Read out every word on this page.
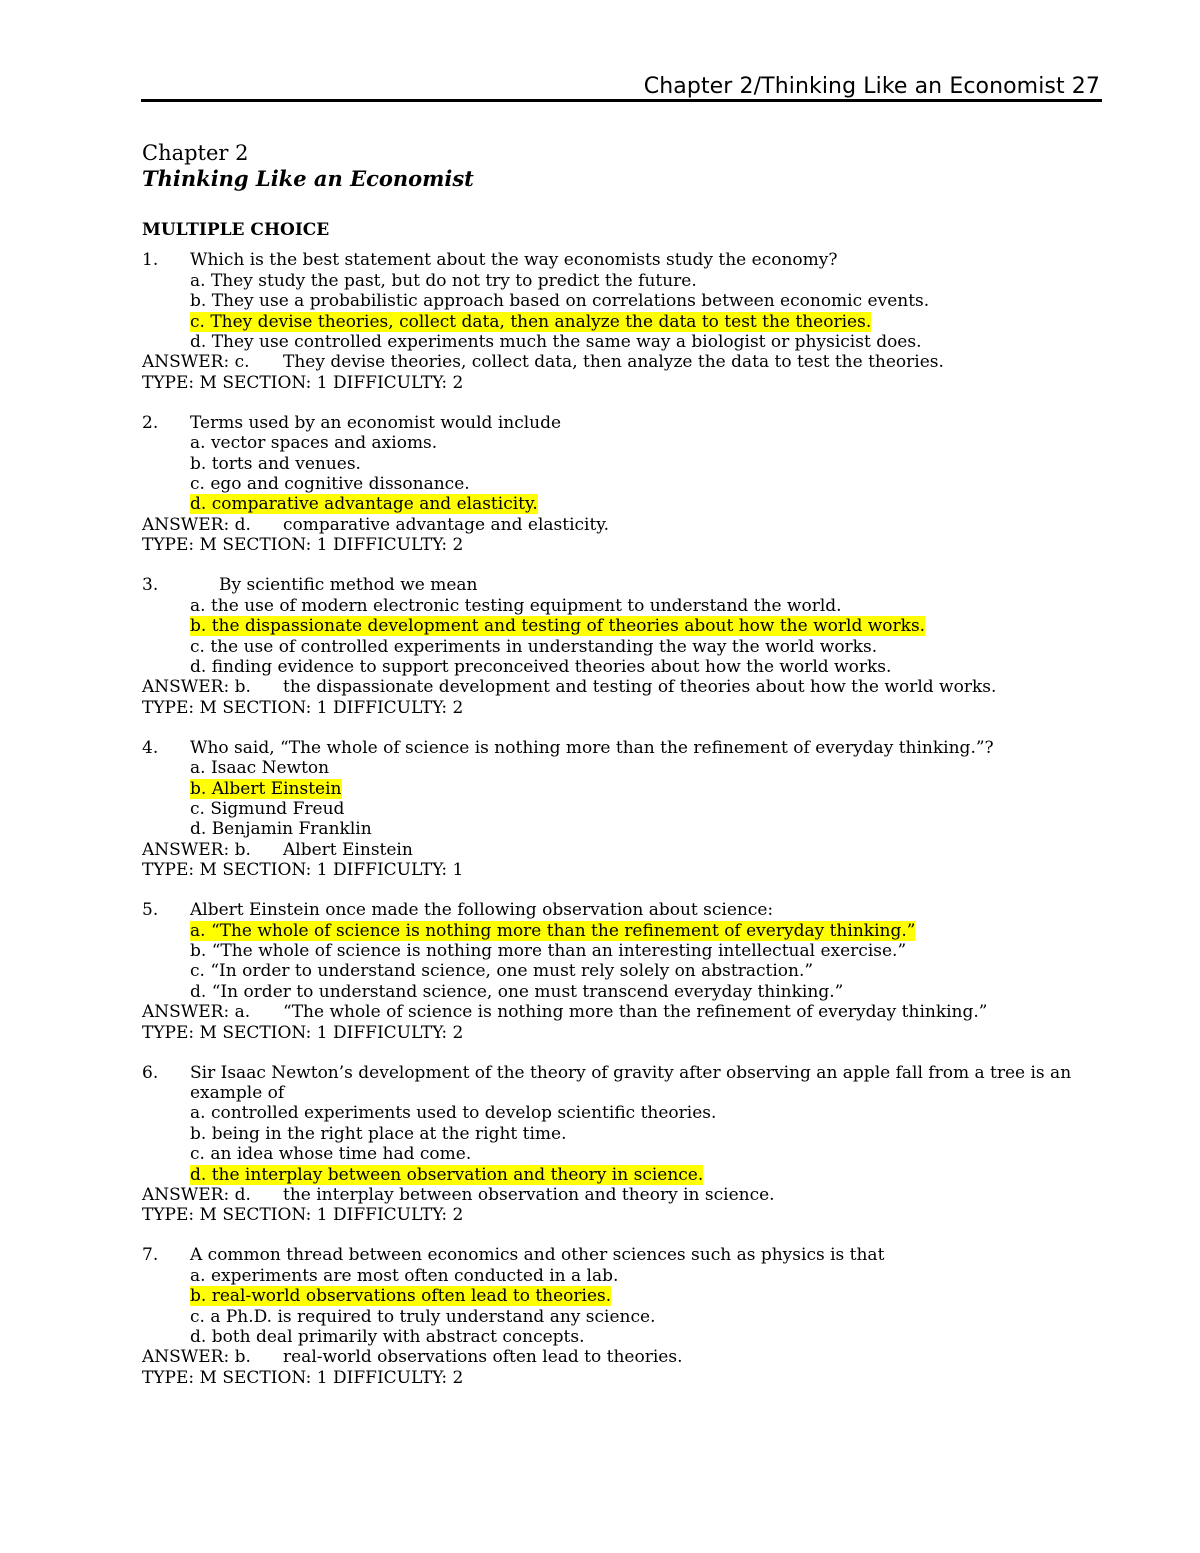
Chapter 2/Thinking Like an Economist 27
Chapter 2
Thinking Like an Economist
MULTIPLE CHOICE
1. Which is the best statement about the way economists study the economy?
a. They study the past, but do not try to predict the future.
b. They use a probabilistic approach based on correlations between economic events.
c. They devise theories, collect data, then analyze the data to test the theories.
d. They use controlled experiments much the same way a biologist or physicist does.
ANSWER: c. They devise theories, collect data, then analyze the data to test the theories.
TYPE: M SECTION: 1 DIFFICULTY: 2
2. Terms used by an economist would include
a. vector spaces and axioms.
b. torts and venues.
c. ego and cognitive dissonance.
d. comparative advantage and elasticity.
ANSWER: d. comparative advantage and elasticity.
TYPE: M SECTION: 1 DIFFICULTY: 2
3.	By scientific method we mean
a. the use of modern electronic testing equipment to understand the world.
b. the dispassionate development and testing of theories about how the world works.
c. the use of controlled experiments in understanding the way the world works.
d. finding evidence to support preconceived theories about how the world works.
ANSWER: b. the dispassionate development and testing of theories about how the world works.
TYPE: M SECTION: 1 DIFFICULTY: 2
4. Who said, “The whole of science is nothing more than the refinement of everyday thinking.”?
a. Isaac Newton
b. Albert Einstein
c. Sigmund Freud
d. Benjamin Franklin
ANSWER: b. Albert Einstein
TYPE: M SECTION: 1 DIFFICULTY: 1
5. Albert Einstein once made the following observation about science:
a. “The whole of science is nothing more than the refinement of everyday thinking.”
b. “The whole of science is nothing more than an interesting intellectual exercise.”
c. “In order to understand science, one must rely solely on abstraction.”
d. “In order to understand science, one must transcend everyday thinking.”
ANSWER: a. “The whole of science is nothing more than the refinement of everyday thinking.”
TYPE: M SECTION: 1 DIFFICULTY: 2
6. Sir Isaac Newton’s development of the theory of gravity after observing an apple fall from a tree is an example of
a. controlled experiments used to develop scientific theories.
b. being in the right place at the right time.
c. an idea whose time had come.
d. the interplay between observation and theory in science.
ANSWER: d. the interplay between observation and theory in science.
TYPE: M SECTION: 1 DIFFICULTY: 2
7. A common thread between economics and other sciences such as physics is that
a. experiments are most often conducted in a lab.
b. real-world observations often lead to theories.
c. a Ph.D. is required to truly understand any science.
d. both deal primarily with abstract concepts.
ANSWER: b. real-world observations often lead to theories.
TYPE: M SECTION: 1 DIFFICULTY: 2
